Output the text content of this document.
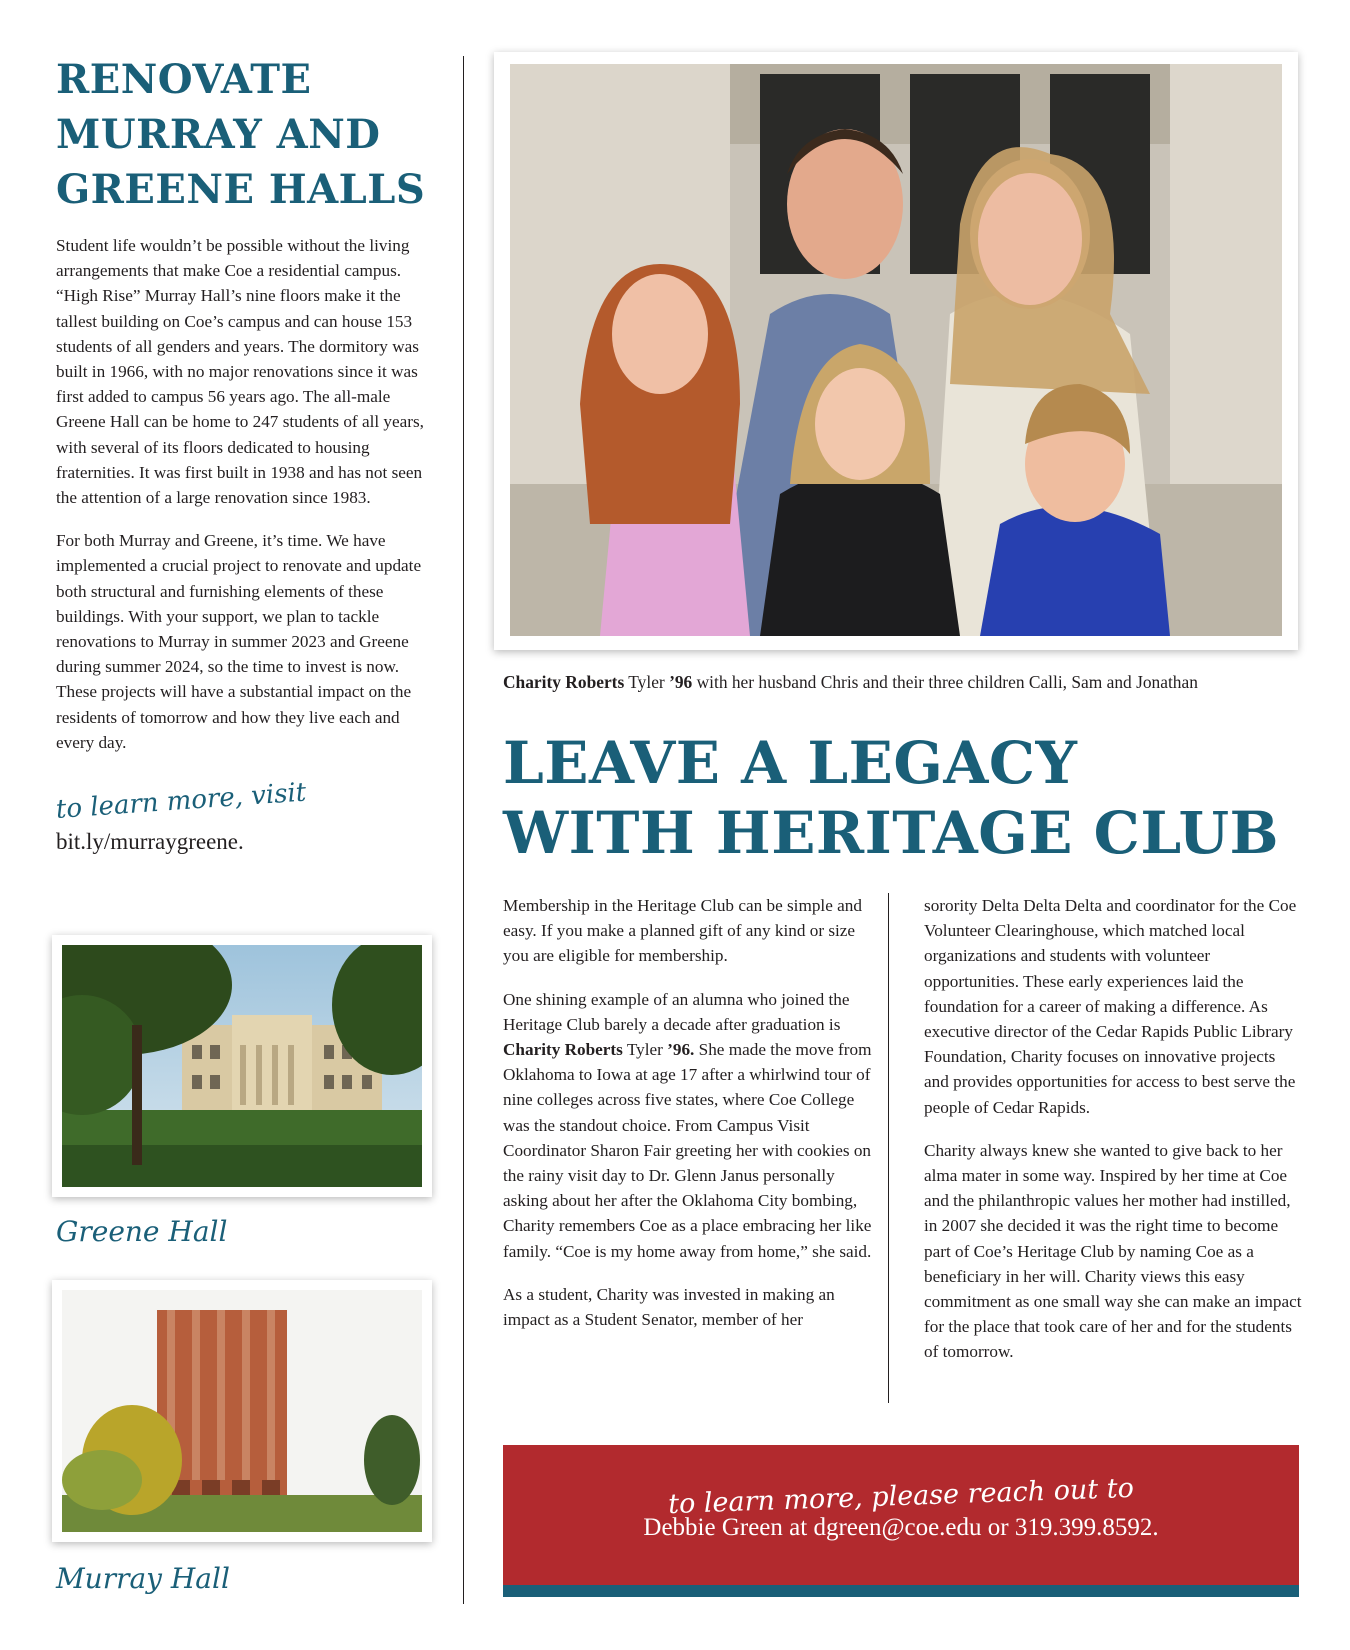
RENOVATE
MURRAY AND
GREENE HALLS

Student life wouldn’t be possible without the living arrangements that make Coe a residential campus. “High Rise” Murray Hall’s nine floors make it the tallest building on Coe’s campus and can house 153 students of all genders and years. The dormitory was built in 1966, with no major renovations since it was first added to campus 56 years ago. The all-male Greene Hall can be home to 247 students of all years, with several of its floors dedicated to housing fraternities. It was first built in 1938 and has not seen the attention of a large renovation since 1983.

For both Murray and Greene, it’s time. We have implemented a crucial project to renovate and update both structural and furnishing elements of these buildings. With your support, we plan to tackle renovations to Murray in summer 2023 and Greene during summer 2024, so the time to invest is now. These projects will have a substantial impact on the residents of tomorrow and how they live each and every day.

to learn more, visit
bit.ly/murraygreene.
Greene Hall
Murray Hall
Charity Roberts Tyler ’96 with her husband Chris and their three children Calli, Sam and Jonathan
LEAVE A LEGACY
WITH HERITAGE CLUB

Membership in the Heritage Club can be simple and easy. If you make a planned gift of any kind or size you are eligible for membership.

One shining example of an alumna who joined the Heritage Club barely a decade after graduation is Charity Roberts Tyler ’96. She made the move from Oklahoma to Iowa at age 17 after a whirlwind tour of nine colleges across five states, where Coe College was the standout choice. From Campus Visit Coordinator Sharon Fair greeting her with cookies on the rainy visit day to Dr. Glenn Janus personally asking about her after the Oklahoma City bombing, Charity remembers Coe as a place embracing her like family. “Coe is my home away from home,” she said.

As a student, Charity was invested in making an impact as a Student Senator, member of her

sorority Delta Delta Delta and coordinator for the Coe Volunteer Clearinghouse, which matched local organizations and students with volunteer opportunities. These early experiences laid the foundation for a career of making a difference. As executive director of the Cedar Rapids Public Library Foundation, Charity focuses on innovative projects and provides opportunities for access to best serve the people of Cedar Rapids.

Charity always knew she wanted to give back to her alma mater in some way. Inspired by her time at Coe and the philanthropic values her mother had instilled, in 2007 she decided it was the right time to become part of Coe’s Heritage Club by naming Coe as a beneficiary in her will. Charity views this easy commitment as one small way she can make an impact for the place that took care of her and for the students of tomorrow.

to learn more, please reach out to
Debbie Green at dgreen@coe.edu or 319.399.8592.
